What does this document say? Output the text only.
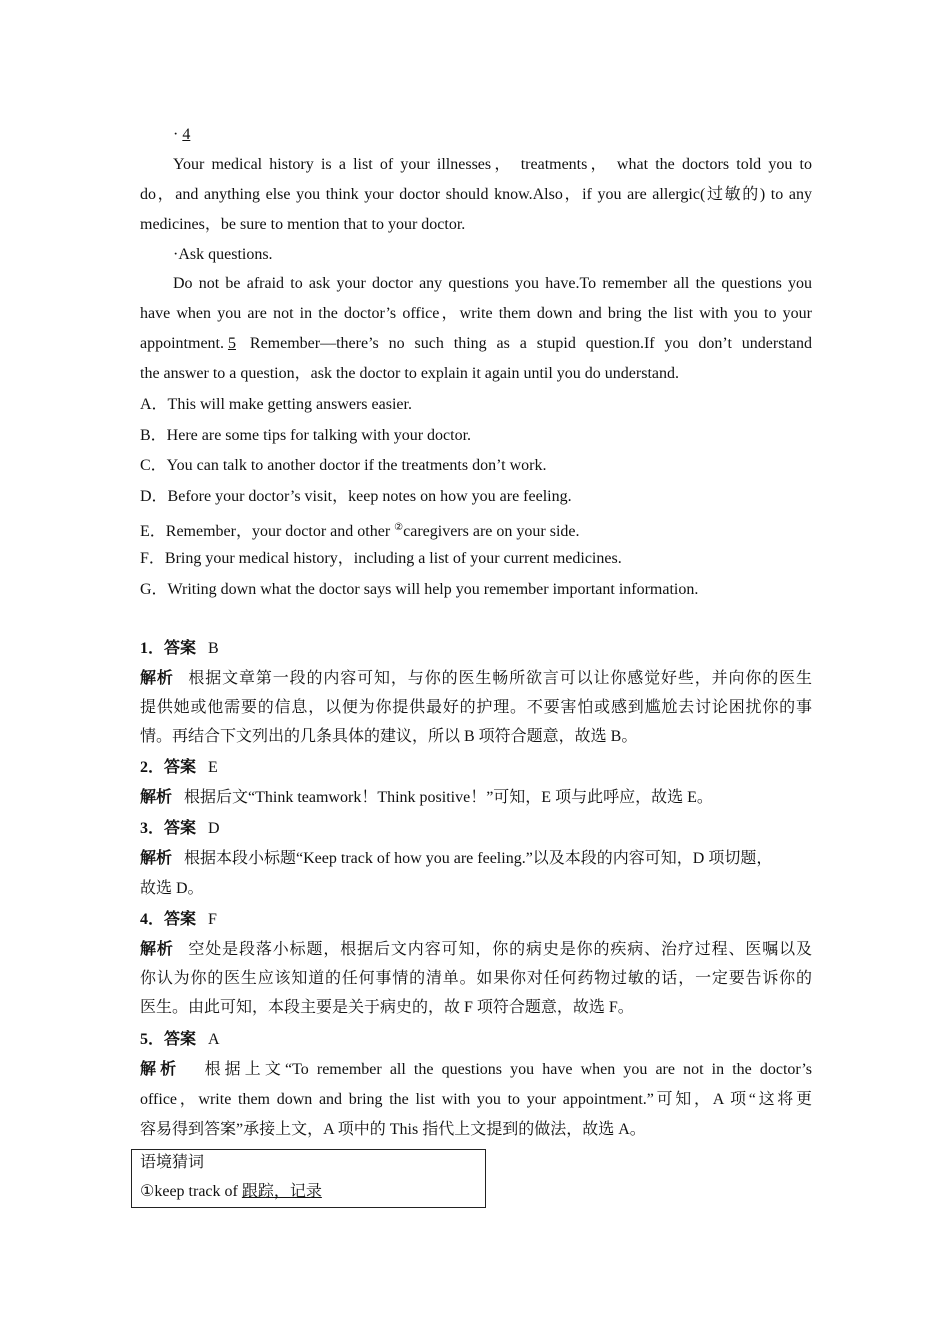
· 4
Your medical history is a list of your illnesses， treatments， what the doctors told you to
do，and anything else you think your doctor should know.Also，if you are allergic(过敏的) to any
medicines，be sure to mention that to your doctor.
·Ask questions.
Do not be afraid to ask your doctor any questions you have.To remember all the questions you
have when you are not in the doctor’s office，write them down and bring the list with you to your
appointment. 5 Remember—there’s no such thing as a stupid question.If you don’t understand
the answer to a question，ask the doctor to explain it again until you do understand.
A．This will make getting answers easier.
B．Here are some tips for talking with your doctor.
C．You can talk to another doctor if the treatments don’t work.
D．Before your doctor’s visit，keep notes on how you are feeling.
E．Remember，your doctor and other ②caregivers are on your side.
F．Bring your medical history，including a list of your current medicines.
G．Writing down what the doctor says will help you remember important information.
1．答案 B
解析 根据文章第一段的内容可知，与你的医生畅所欲言可以让你感觉好些，并向你的医生
提供她或他需要的信息，以便为你提供最好的护理。不要害怕或感到尴尬去讨论困扰你的事
情。再结合下文列出的几条具体的建议，所以 B 项符合题意，故选 B。
2．答案 E
解析 根据后文“Think teamwork！Think positive！”可知，E 项与此呼应，故选 E。
3．答案 D
解析 根据本段小标题“Keep track of how you are feeling.”以及本段的内容可知，D 项切题，
故选 D。
4．答案 F
解析 空处是段落小标题，根据后文内容可知，你的病史是你的疾病、治疗过程、医嘱以及
你认为你的医生应该知道的任何事情的清单。如果你对任何药物过敏的话，一定要告诉你的
医生。由此可知，本段主要是关于病史的，故 F 项符合题意，故选 F。
5．答案 A
解析 根据上文“To remember all the questions you have when you are not in the doctor’s
office，write them down and bring the list with you to your appointment.”可知，A 项“这将更
容易得到答案”承接上文，A 项中的 This 指代上文提到的做法，故选 A。
语境猜词
①keep track of 跟踪，记录
